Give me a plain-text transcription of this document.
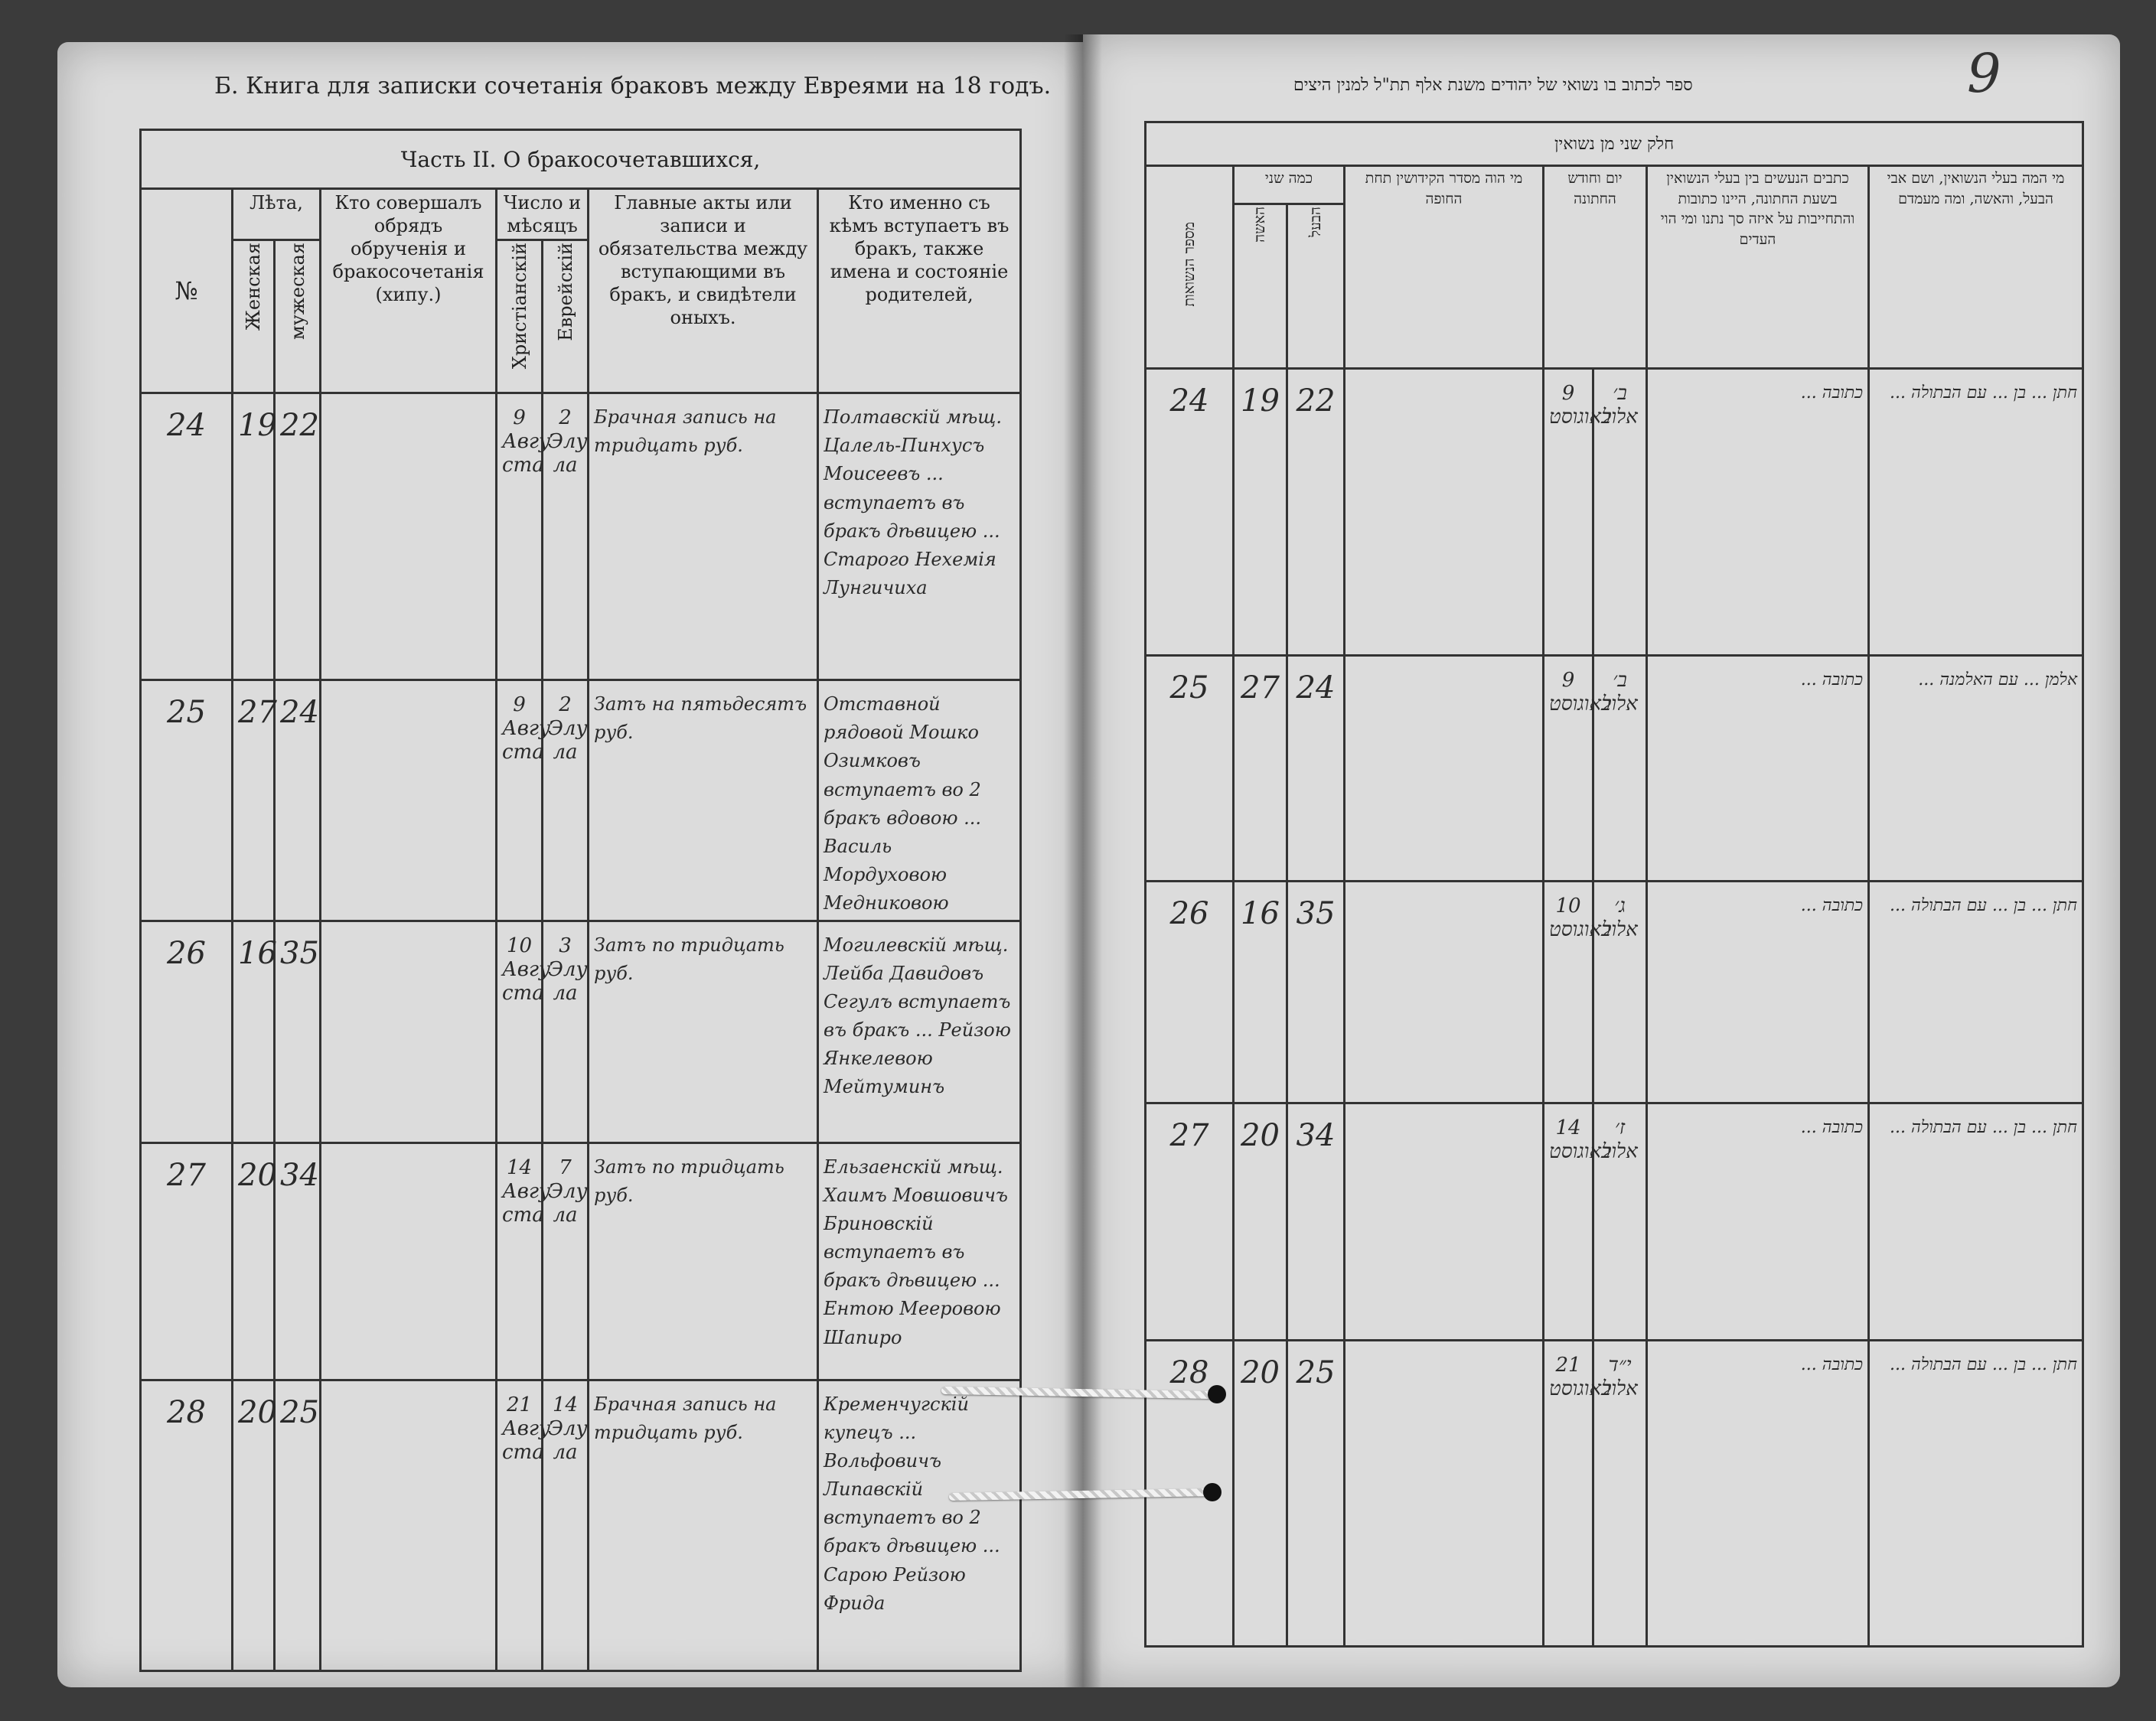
Б. Книга для записки сочетанія браковъ между Евреями на 18 годъ.	ספר לכתוב בו נשואי של יהודים משנת אלף תת"ל למנין היצים	9
Часть II. О бракосочетавшихся,							
№	Лѣта,		Кто совершалъ обрядъ обрученія и бракосочетанія (хипу.)	Число и мѣсяцъ		Главные акты или записи и обязательства между вступающими въ бракъ, и свидѣтели оныхъ.	Кто именно съ кѣмъ вступаетъ въ бракъ, также имена и состояніе родителей,
	Женская	мужеская		Христіанскій	Еврейскій		
24	19	22		9 Авгу ста	2 Элу ла	Брачная запись на тридцать руб.	Полтавскій мѣщ. Цалель-Пинхусъ Моисеевъ ... вступаетъ въ бракъ дѣвицею ... Старого Нехемія Лунгичиха
25	27	24		9 Авгу ста	2 Элу ла	Затъ на пятьдесятъ руб.	Отставной рядовой Мошко Озимковъ вступаетъ во 2 бракъ вдовою ... Василь Мордуховою Медниковою
26	16	35		10 Авгу ста	3 Элу ла	Затъ по тридцать руб.	Могилевскій мѣщ. Лейба Давидовъ Сегулъ вступаетъ въ бракъ ... Рейзою Янкелевою Мейтуминъ
27	20	34		14 Авгу ста	7 Элу ла	Затъ по тридцать руб.	Ельзаенскій мѣщ. Хаимъ Мовшовичъ Бриновскій вступаетъ въ бракъ дѣвицею ... Ентою Мееровою Шапиро
28	20	25		21 Авгу ста	14 Элу ла	Брачная запись на тридцать руб.	Кременчугскій купецъ ... Вольфовичъ Липавскій вступаетъ во 2 бракъ дѣвицею ... Сарою Рейзою Фрида
חלק שני מן נשואין							
מספר הנשואות	כמה שני		מי הוה מסדר הקידושין תחת החופה	יום וחודש החתונה		כתבים הנעשים בין בעלי הנשואין בשעת החתונה, היינו כתובות והתחייבות על איזה סך נתנו ומי הוי העדים	מי המה בעלי הנשואין, ושם אבי הבעל, והאשה, ומה מעמדם
	האשה	הבעל					
24	19	22		9 באוגוסט	ב׳ אלול	כתובה ...	חתן ... בן ... עם הבתולה ...
25	27	24		9 באוגוסט	ב׳ אלול	כתובה ...	אלמן ... עם האלמנה ...
26	16	35		10 באוגוסט	ג׳ אלול	כתובה ...	חתן ... בן ... עם הבתולה ...
27	20	34		14 באוגוסט	ז׳ אלול	כתובה ...	חתן ... בן ... עם הבתולה ...
28	20	25		21 באוגוסט	י״ד אלול	כתובה ...	חתן ... בן ... עם הבתולה ...
